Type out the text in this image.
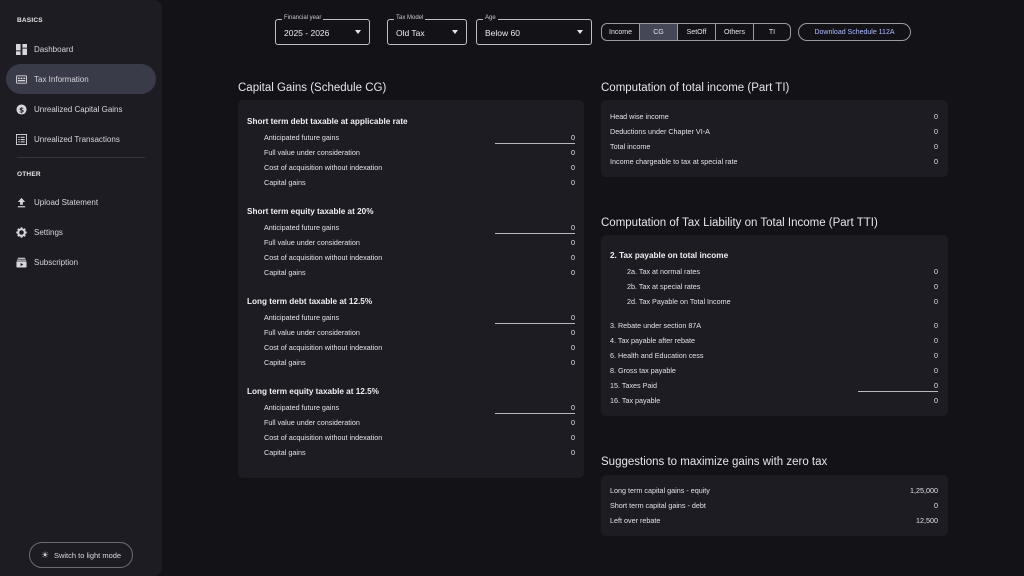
BASICS
Dashboard
Tax Information
$ Unrealized Capital Gains
Unrealized Transactions
OTHER
Upload Statement
Settings
Subscription
☀ Switch to light mode
Financial year
2025 - 2026
Tax Model
Old Tax
Age
Below 60	Income	CG	SetOff	Others	TI	Download Schedule 112A
Capital Gains (Schedule CG)
Short term debt taxable at applicable rate
Anticipated future gains	0
Full value under consideration	0
Cost of acquisition without indexation	0
Capital gains	0
Short term equity taxable at 20%
Anticipated future gains	0
Full value under consideration	0
Cost of acquisition without indexation	0
Capital gains	0
Long term debt taxable at 12.5%
Anticipated future gains	0
Full value under consideration	0
Cost of acquisition without indexation	0
Capital gains	0
Long term equity taxable at 12.5%
Anticipated future gains	0
Full value under consideration	0
Cost of acquisition without indexation	0
Capital gains	0
Computation of total income (Part TI)
Head wise income	0
Deductions under Chapter VI-A	0
Total income	0
Income chargeable to tax at special rate	0
Computation of Tax Liability on Total Income (Part TTI)
2. Tax payable on total income
2a. Tax at normal rates	0
2b. Tax at special rates	0
2d. Tax Payable on Total Income	0
3. Rebate under section 87A	0
4. Tax payable after rebate	0
6. Health and Education cess	0
8. Gross tax payable	0
15. Taxes Paid	0
16. Tax payable	0
Suggestions to maximize gains with zero tax
Long term capital gains - equity	1,25,000
Short term capital gains - debt	0
Left over rebate	12,500
